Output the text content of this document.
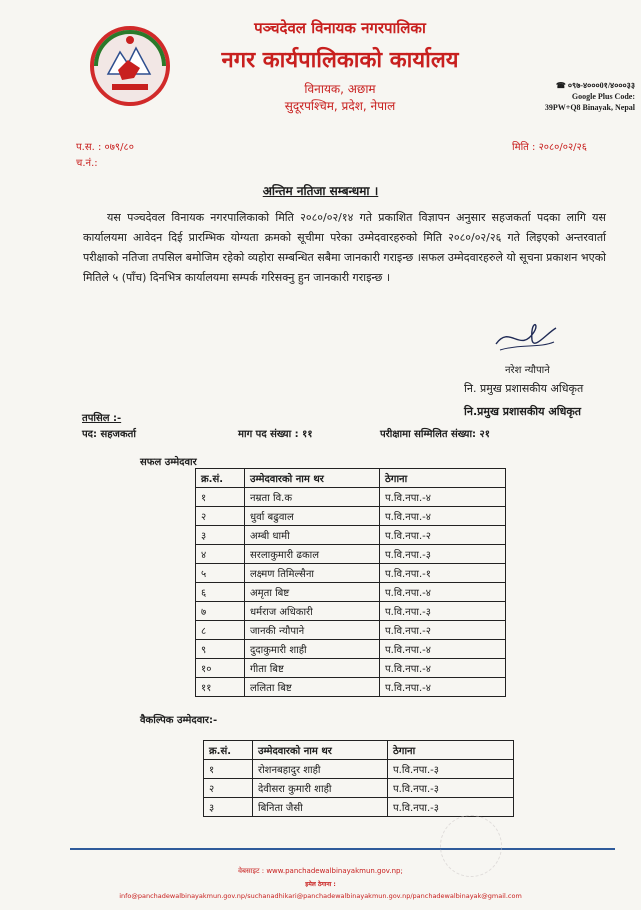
पञ्चदेवल विनायक नगरपालिका
नगर कार्यपालिकाको कार्यालय
विनायक, अछाम
सुदूरपश्चिम, प्रदेश, नेपाल
☎ ०९७-४०००0१/४०००३३
Google Plus Code:
39PW+Q8 Binayak, Nepal
प.स. : ०७९/८०
च.नं.:
मिति : २०८०/०२/२६
अन्तिम नतिजा सम्बन्धमा ।
यस पञ्चदेवल विनायक नगरपालिकाको मिति २०८०/०२/१४ गते प्रकाशित विज्ञापन अनुसार सहजकर्ता पदका लागि यस कार्यालयमा आवेदन दिई प्रारम्भिक योग्यता क्रमको सूचीमा परेका उम्मेदवारहरुको मिति २०८०/०२/२६ गते लिइएको अन्तरवार्ता परीक्षाको नतिजा तपसिल बमोजिम रहेको व्यहोरा सम्बन्धित सबैमा जानकारी गराइन्छ ।सफल उम्मेदवारहरुले यो सूचना प्रकाशन भएको मितिले ५ (पाँच) दिनभित्र कार्यालयमा सम्पर्क गरिसक्नु हुन जानकारी गराइन्छ ।
नरेश न्यौपाने
नि. प्रमुख प्रशासकीय अधिकृत
नि.प्रमुख प्रशासकीय अधिकृत
तपसिल :-
पद: सहजकर्ता	माग पद संख्या : ११	परीक्षामा सम्मिलित संख्या: २१
सफल उम्मेदवार
क्र.सं.	उम्मेदवारको नाम थर	ठेगाना
१	नम्रता वि.क	प.वि.नपा.-४
२	धुर्वा बढुवाल	प.वि.नपा.-४
३	अम्बी धामी	प.वि.नपा.-२
४	सरलाकुमारी ढकाल	प.वि.नपा.-३
५	लक्ष्मण तिमिल्सैना	प.वि.नपा.-१
६	अमृता बिष्ट	प.वि.नपा.-४
७	धर्मराज अधिकारी	प.वि.नपा.-३
८	जानकी न्यौपाने	प.वि.नपा.-२
९	दुदाकुमारी शाही	प.वि.नपा.-४
१०	गीता बिष्ट	प.वि.नपा.-४
११	ललिता बिष्ट	प.वि.नपा.-४
वैकल्पिक उम्मेदवार:-
क्र.सं.	उम्मेदवारको नाम थर	ठेगाना
१	रोशनबहादुर शाही	प.वि.नपा.-३
२	देवीसरा कुमारी शाही	प.वि.नपा.-३
३	बिनिता जैसी	प.वि.नपा.-३
वेबसाइट : www.panchadewalbinayakmun.gov.np;
इमेल ठेगाना :
info@panchadewalbinayakmun.gov.np/suchanadhikari@panchadewalbinayakmun.gov.np/panchadewalbinayak@gmail.com
